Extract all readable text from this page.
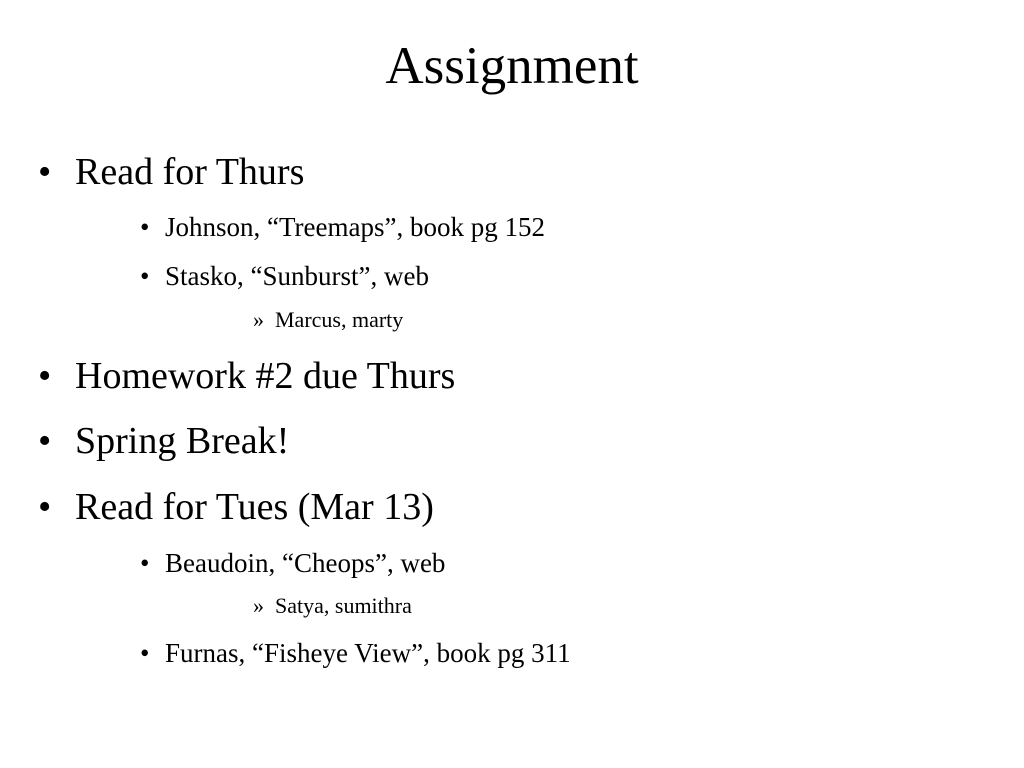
Assignment
• Read for Thurs
• Johnson, “Treemaps”, book pg 152
• Stasko, “Sunburst”, web
» Marcus, marty
• Homework #2 due Thurs
• Spring Break!
• Read for Tues (Mar 13)
• Beaudoin, “Cheops”, web
» Satya, sumithra
• Furnas, “Fisheye View”, book pg 311
